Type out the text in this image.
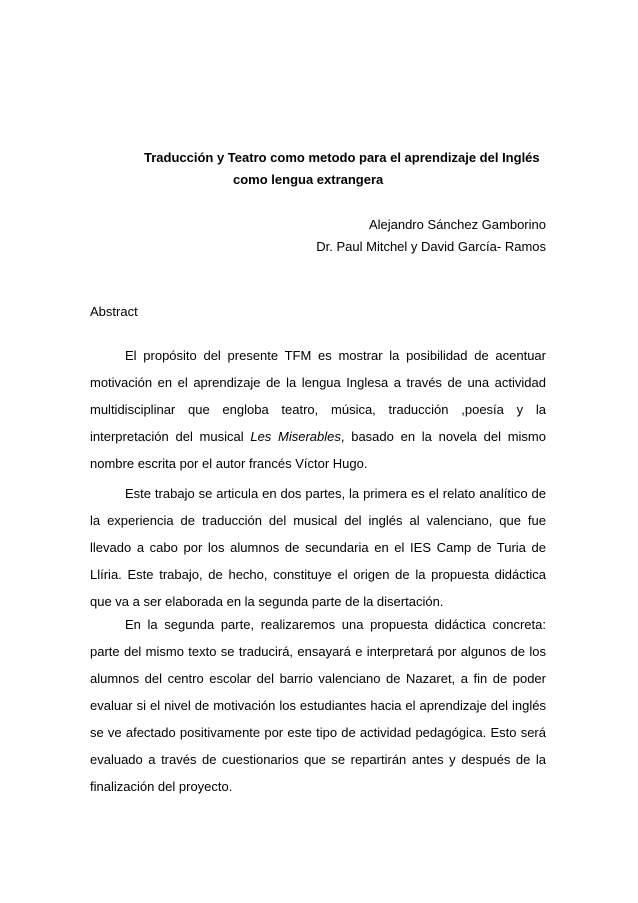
Traducción y Teatro como metodo para el aprendizaje del Inglés
como lengua extrangera
Alejandro Sánchez Gamborino
Dr. Paul Mitchel y David García- Ramos
Abstract

El propósito del presente TFM es mostrar la posibilidad de acentuar motivación en el aprendizaje de la lengua Inglesa a través de una actividad multidisciplinar que engloba teatro, música, traducción ,poesía y la interpretación del musical Les Miserables, basado en la novela del mismo nombre escrita por el autor francés Víctor Hugo.

Este trabajo se articula en dos partes, la primera es el relato analítico de la experiencia de traducción del musical del inglés al valenciano, que fue llevado a cabo por los alumnos de secundaria en el IES Camp de Turia de Llíria. Este trabajo, de hecho, constituye el origen de la propuesta didáctica que va a ser elaborada en la segunda parte de la disertación.

En la segunda parte, realizaremos una propuesta didáctica concreta: parte del mismo texto se traducirá, ensayará e interpretará por algunos de los alumnos del centro escolar del barrio valenciano de Nazaret, a fin de poder evaluar si el nivel de motivación los estudiantes hacia el aprendizaje del inglés se ve afectado positivamente por este tipo de actividad pedagógica. Esto será evaluado a través de cuestionarios que se repartirán antes y después de la finalización del proyecto.
